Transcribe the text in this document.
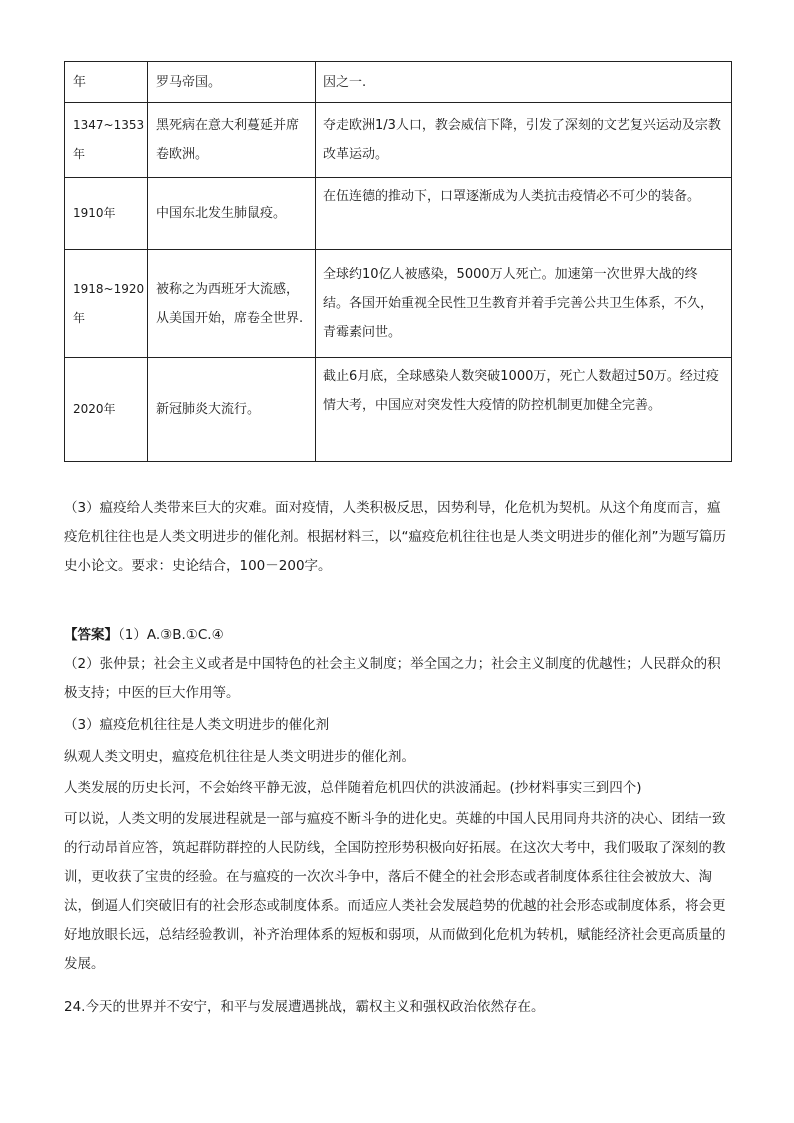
年	罗马帝国。	因之一.

1347~1353年	黑死病在意大利蔓延并席卷欧洲。	夺走欧洲1/3人口，教会威信下降，引发了深刻的文艺复兴运动及宗教改革运动。

1910年	中国东北发生肺鼠疫。	在伍连德的推动下，口罩逐渐成为人类抗击疫情必不可少的装备。

1918~1920年	被称之为西班牙大流感，从美国开始，席卷全世界.	全球约10亿人被感染，5000万人死亡。加速第一次世界大战的终结。各国开始重视全民性卫生教育并着手完善公共卫生体系，不久，青霉素问世。

2020年	新冠肺炎大流行。	截止6月底，全球感染人数突破1000万，死亡人数超过50万。经过疫情大考，中国应对突发性大疫情的防控机制更加健全完善。

（3）瘟疫给人类带来巨大的灾难。面对疫情，人类积极反思，因势利导，化危机为契机。从这个角度而言，瘟疫危机往往也是人类文明进步的催化剂。根据材料三，以“瘟疫危机往往也是人类文明进步的催化剂”为题写篇历史小论文。要求：史论结合，100－200字。

【答案】（1）A.③B.①C.④

（2）张仲景；社会主义或者是中国特色的社会主义制度；举全国之力；社会主义制度的优越性；人民群众的积极支持；中医的巨大作用等。

（3）瘟疫危机往往是人类文明进步的催化剂

纵观人类文明史，瘟疫危机往往是人类文明进步的催化剂。

人类发展的历史长河，不会始终平静无波，总伴随着危机四伏的洪波涌起。(抄材料事实三到四个)

可以说，人类文明的发展进程就是一部与瘟疫不断斗争的进化史。英雄的中国人民用同舟共济的决心、团结一致的行动昂首应答，筑起群防群控的人民防线，全国防控形势积极向好拓展。在这次大考中，我们吸取了深刻的教训，更收获了宝贵的经验。在与瘟疫的一次次斗争中，落后不健全的社会形态或者制度体系往往会被放大、淘汰，倒逼人们突破旧有的社会形态或制度体系。而适应人类社会发展趋势的优越的社会形态或制度体系，将会更好地放眼长远，总结经验教训，补齐治理体系的短板和弱项，从而做到化危机为转机，赋能经济社会更高质量的发展。

24.今天的世界并不安宁，和平与发展遭遇挑战，霸权主义和强权政治依然存在。
